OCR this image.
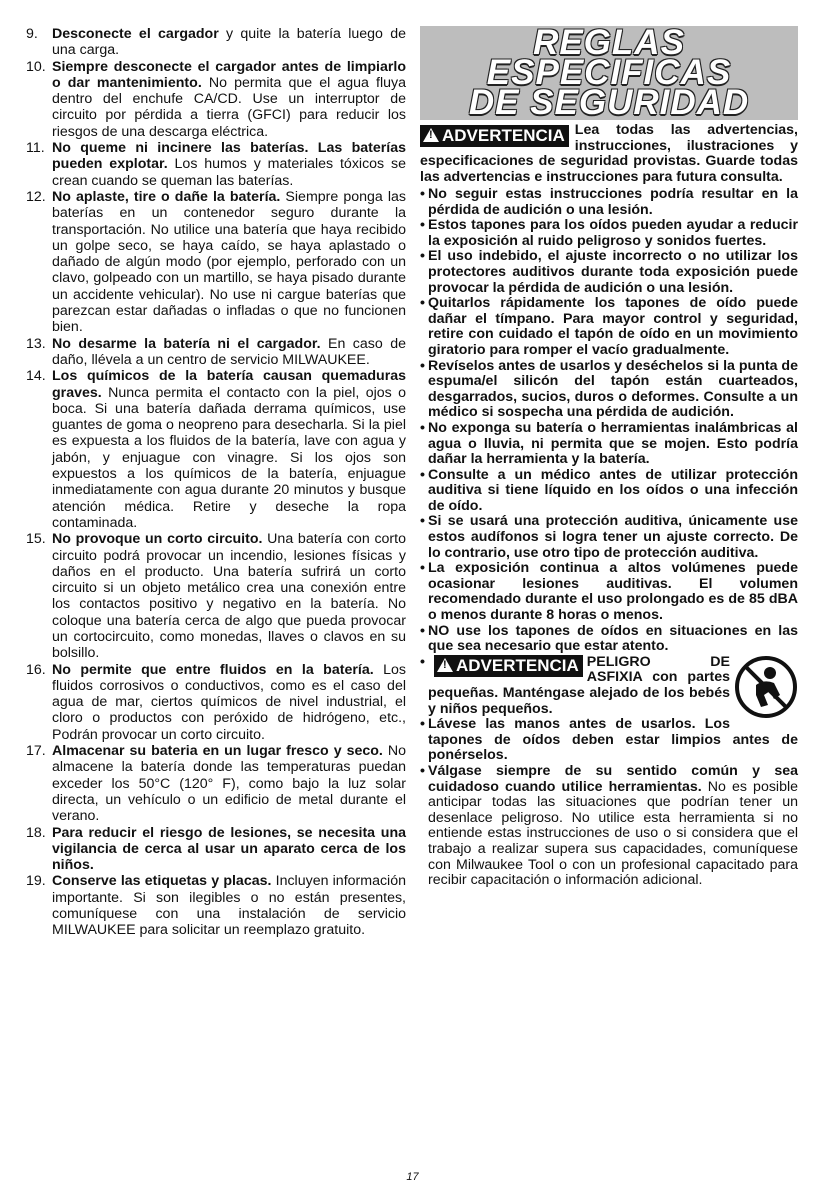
9. Desconecte el cargador y quite la batería luego de una carga.

10. Siempre desconecte el cargador antes de limpiarlo o dar mantenimiento. No permita que el agua fluya dentro del enchufe CA/CD. Use un interruptor de circuito por pérdida a tierra (GFCI) para reducir los riesgos de una descarga eléctrica.

11. No queme ni incinere las baterías. Las baterías pueden explotar. Los humos y materiales tóxicos se crean cuando se queman las baterías.

12. No aplaste, tire o dañe la batería. Siempre ponga las baterías en un contenedor seguro durante la transportación. No utilice una batería que haya recibido un golpe seco, se haya caído, se haya aplastado o dañado de algún modo (por ejemplo, perforado con un clavo, golpeado con un martillo, se haya pisado durante un accidente vehicular). No use ni cargue baterías que parezcan estar dañadas o infladas o que no funcionen bien.

13. No desarme la batería ni el cargador. En caso de daño, llévela a un centro de servicio MILWAUKEE.

14. Los químicos de la batería causan quemaduras graves. Nunca permita el contacto con la piel, ojos o boca. Si una batería dañada derrama químicos, use guantes de goma o neopreno para desecharla. Si la piel es expuesta a los fluidos de la batería, lave con agua y jabón, y enjuague con vinagre. Si los ojos son expuestos a los químicos de la batería, enjuague inmediatamente con agua durante 20 minutos y busque atención médica. Retire y deseche la ropa contaminada.

15. No provoque un corto circuito. Una batería con corto circuito podrá provocar un incendio, lesiones físicas y daños en el producto. Una batería sufrirá un corto circuito si un objeto metálico crea una conexión entre los contactos positivo y negativo en la batería. No coloque una batería cerca de algo que pueda provocar un cortocircuito, como monedas, llaves o clavos en su bolsillo.

16. No permite que entre fluidos en la batería. Los fluidos corrosivos o conductivos, como es el caso del agua de mar, ciertos químicos de nivel industrial, el cloro o productos con peróxido de hidrógeno, etc., Podrán provocar un corto circuito.

17. Almacenar su bateria en un lugar fresco y seco. No almacene la batería donde las temperaturas puedan exceder los 50°C (120° F), como bajo la luz solar directa, un vehículo o un edificio de metal durante el verano.

18. Para reducir el riesgo de lesiones, se necesita una vigilancia de cerca al usar un aparato cerca de los niños.

19. Conserve las etiquetas y placas. Incluyen información importante. Si son ilegibles o no están presentes, comuníquese con una instalación de servicio MILWAUKEE para solicitar un reemplazo gratuito.

REGLAS
ESPECIFICAS
DE SEGURIDAD
!ADVERTENCIA Lea todas las advertencias, instrucciones, ilustraciones y especificaciones de seguridad provistas. Guarde todas las advertencias e instrucciones para futura consulta.

• No seguir estas instrucciones podría resultar en la pérdida de audición o una lesión.

• Estos tapones para los oídos pueden ayudar a reducir la exposición al ruido peligroso y sonidos fuertes.

• El uso indebido, el ajuste incorrecto o no utilizar los protectores auditivos durante toda exposición puede provocar la pérdida de audición o una lesión.

• Quitarlos rápidamente los tapones de oído puede dañar el tímpano. Para mayor control y seguridad, retire con cuidado el tapón de oído en un movimiento giratorio para romper el vacío gradualmente.

• Revíselos antes de usarlos y deséchelos si la punta de espuma/el silicón del tapón están cuarteados, desgarrados, sucios, duros o deformes. Consulte a un médico si sospecha una pérdida de audición.

• No exponga su batería o herramientas inalámbricas al agua o lluvia, ni permita que se mojen. Esto podría dañar la herramienta y la batería.

• Consulte a un médico antes de utilizar protección auditiva si tiene líquido en los oídos o una infección de oído.

• Si se usará una protección auditiva, únicamente use estos audífonos si logra tener un ajuste correcto. De lo contrario, use otro tipo de protección auditiva.

• La exposición continua a altos volúmenes puede ocasionar lesiones auditivas. El volumen recomendado durante el uso prolongado es de 85 dBA o menos durante 8 horas o menos.

• NO use los tapones de oídos en situaciones en las que sea necesario que estar atento.

•
!	ADVERTENCIA PELIGRO DE ASFIXIA con partes pequeñas. Manténgase alejado de los bebés y niños pequeños.

• Lávese las manos antes de usarlos. Los tapones de oídos deben estar limpios antes de ponérselos.

• Válgase siempre de su sentido común y sea cuidadoso cuando utilice herramientas. No es posible anticipar todas las situaciones que podrían tener un desenlace peligroso. No utilice esta herramienta si no entiende estas instrucciones de uso o si considera que el trabajo a realizar supera sus capacidades, comuníquese con Milwaukee Tool o con un profesional capacitado para recibir capacitación o información adicional.

17
